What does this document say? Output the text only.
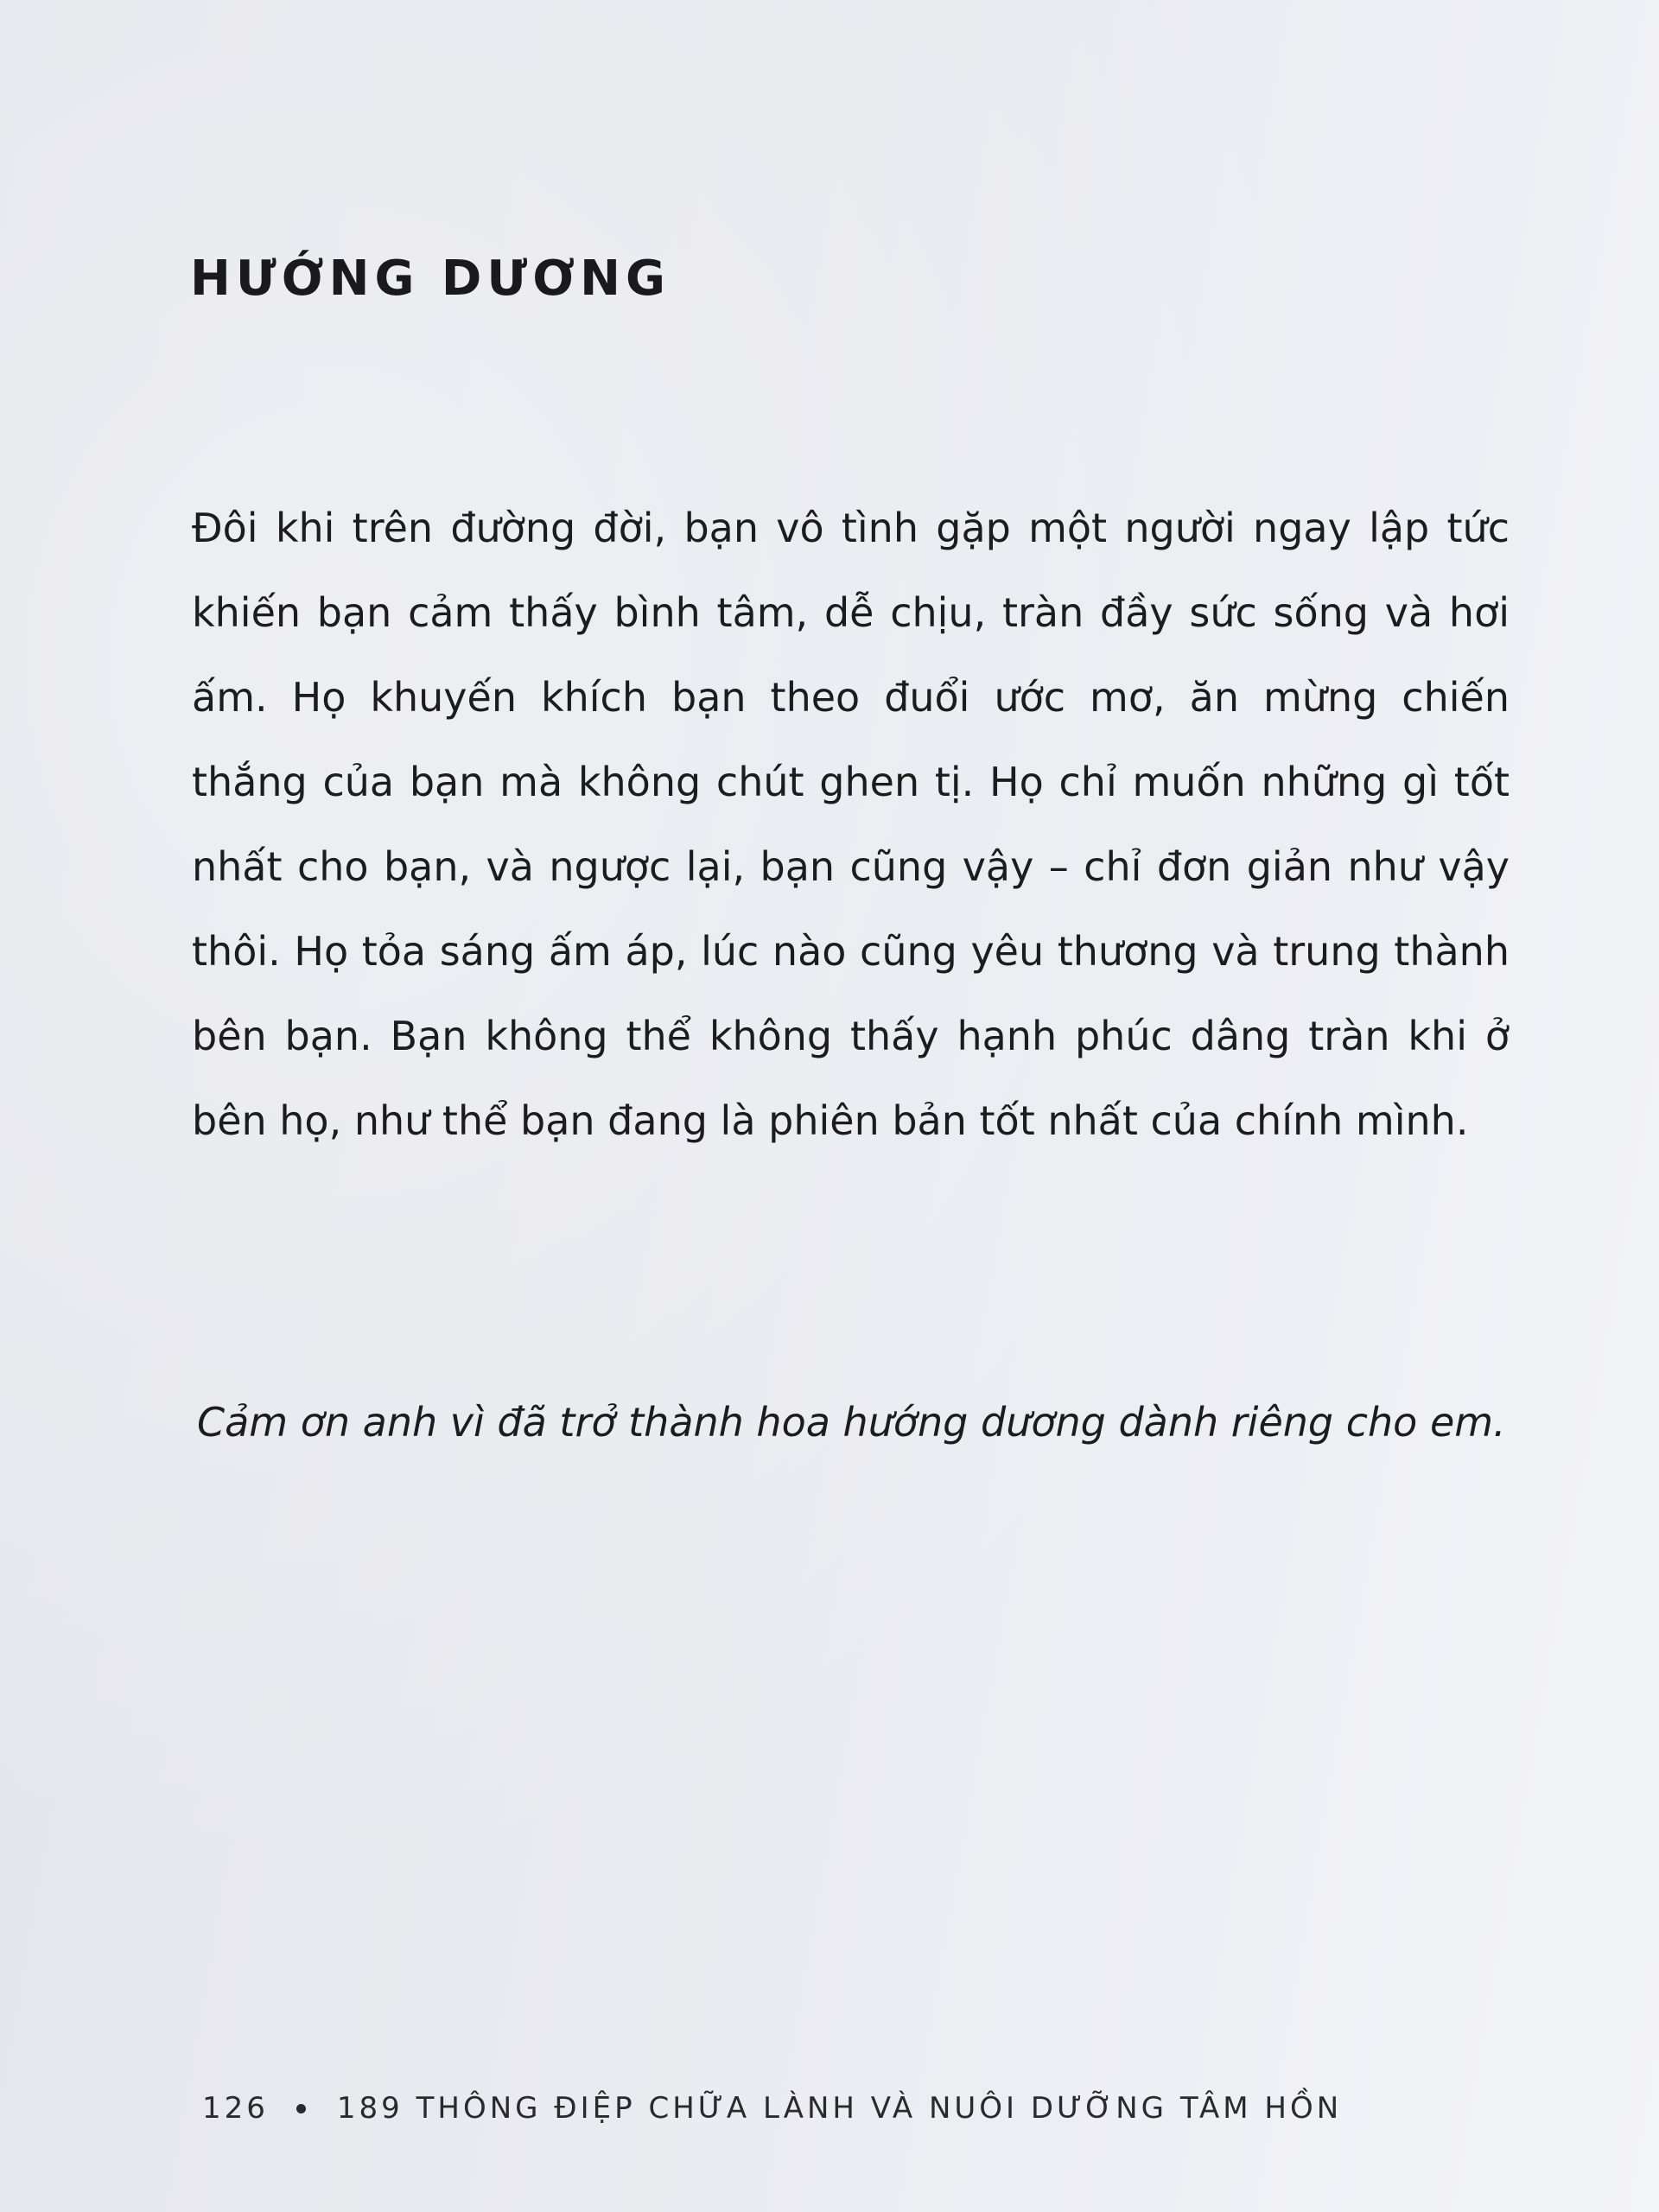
HƯỚNG DƯƠNG

Đôi khi trên đường đời, bạn vô tình gặp một người ngay lập tức khiến bạn cảm thấy bình tâm, dễ chịu, tràn đầy sức sống và hơi ấm. Họ khuyến khích bạn theo đuổi ước mơ, ăn mừng chiến thắng của bạn mà không chút ghen tị. Họ chỉ muốn những gì tốt nhất cho bạn, và ngược lại, bạn cũng vậy – chỉ đơn giản như vậy thôi. Họ tỏa sáng ấm áp, lúc nào cũng yêu thương và trung thành bên bạn. Bạn không thể không thấy hạnh phúc dâng tràn khi ở bên họ, như thể bạn đang là phiên bản tốt nhất của chính mình.

Cảm ơn anh vì đã trở thành hoa hướng dương dành riêng cho em.

126 189 THÔNG ĐIỆP CHỮA LÀNH VÀ NUÔI DƯỠNG TÂM HỒN
